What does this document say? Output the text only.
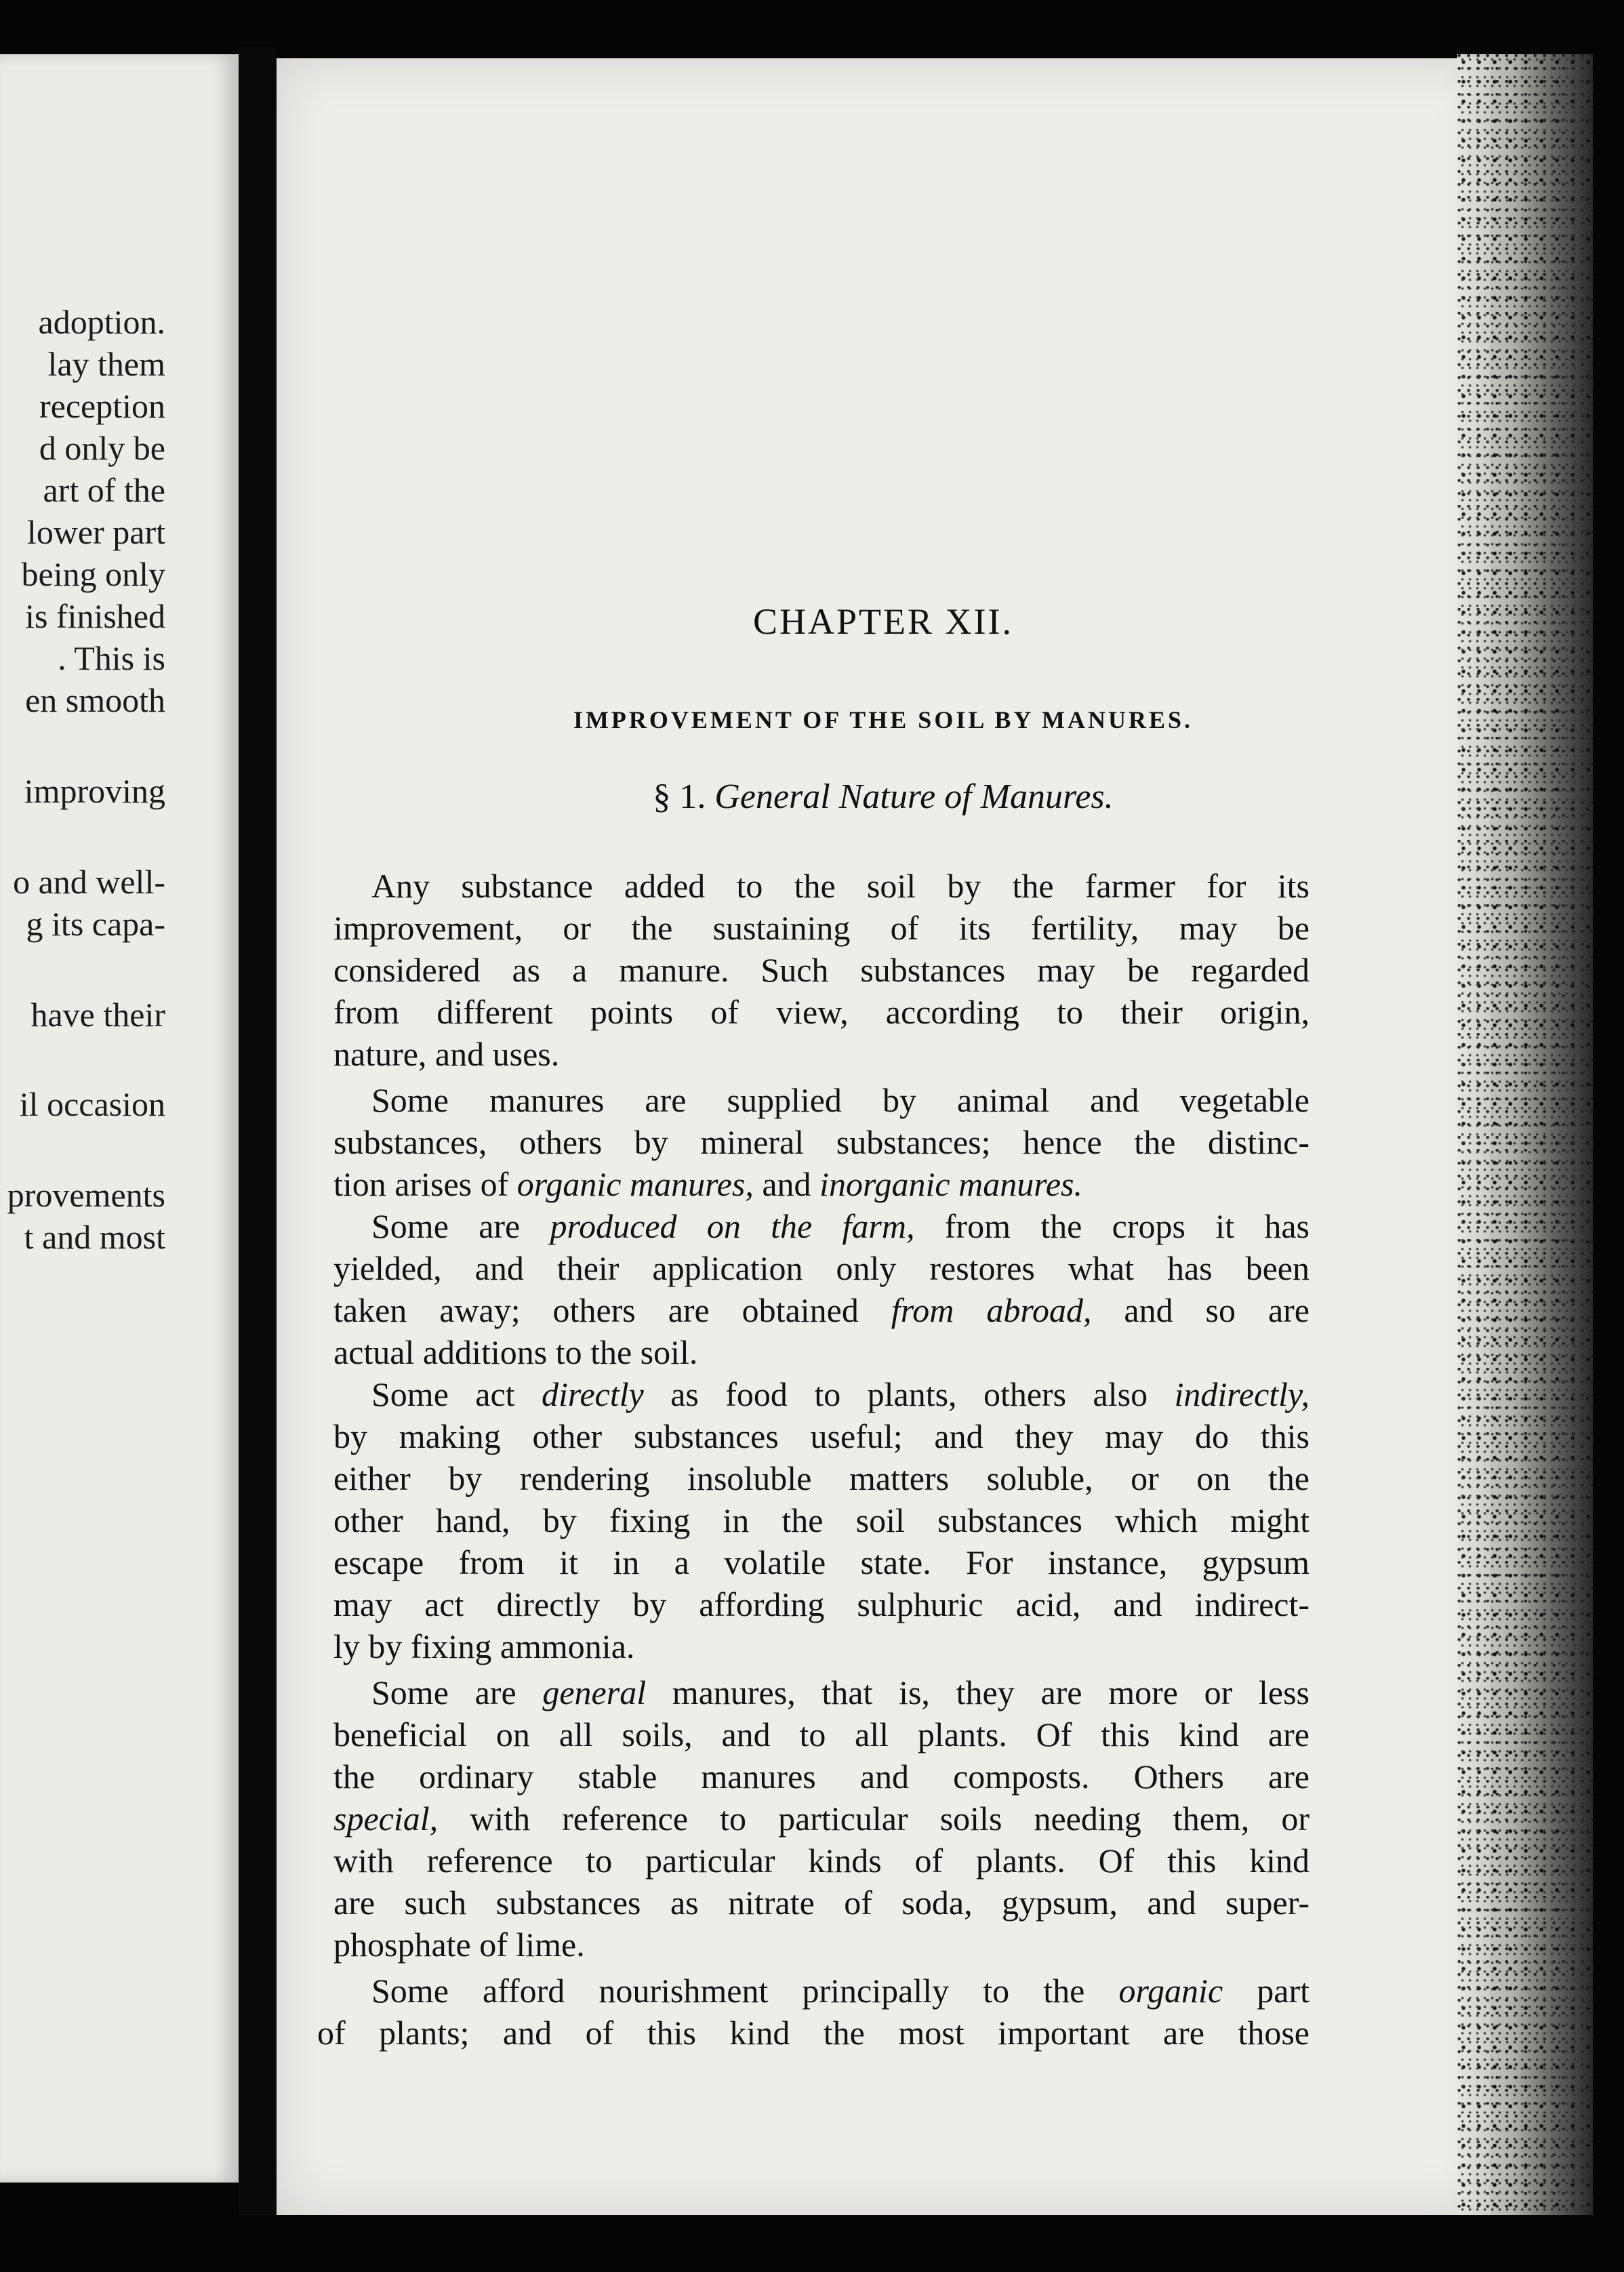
adoption.
lay them
reception
d only be
art of the
lower part
being only
is finished
. This is
en smooth
improving
o and well-
g its capa-
have their
il occasion
provements
t and most
CHAPTER XII.
IMPROVEMENT OF THE SOIL BY MANURES.
§ 1. General Nature of Manures.
Any substance added to the soil by the farmer for its
improvement, or the sustaining of its fertility, may be
considered as a manure. Such substances may be regarded
from different points of view, according to their origin,
nature, and uses.
Some manures are supplied by animal and vegetable
substances, others by mineral substances; hence the distinc-
tion arises of organic manures, and inorganic manures.
Some are produced on the farm, from the crops it has
yielded, and their application only restores what has been
taken away; others are obtained from abroad, and so are
actual additions to the soil.
Some act directly as food to plants, others also indirectly,
by making other substances useful; and they may do this
either by rendering insoluble matters soluble, or on the
other hand, by fixing in the soil substances which might
escape from it in a volatile state. For instance, gypsum
may act directly by affording sulphuric acid, and indirect-
ly by fixing ammonia.
Some are general manures, that is, they are more or less
beneficial on all soils, and to all plants. Of this kind are
the ordinary stable manures and composts. Others are
special, with reference to particular soils needing them, or
with reference to particular kinds of plants. Of this kind
are such substances as nitrate of soda, gypsum, and super-
phosphate of lime.
Some afford nourishment principally to the organic part
of plants; and of this kind the most important are those
